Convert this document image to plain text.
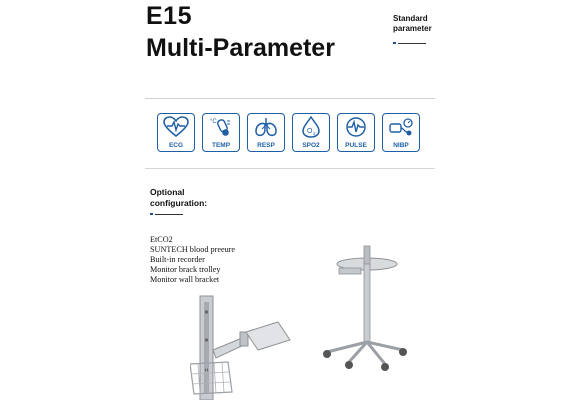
E15
Multi-Parameter
Standard
parameter
ECG
°C
TEMP	RESP
O 2
SPO2	PULSE	NIBP
Optional
configuration:
EtCO2
SUNTECH blood preeure
Built-in recorder
Monitor brack trolley
Monitor wall bracket
